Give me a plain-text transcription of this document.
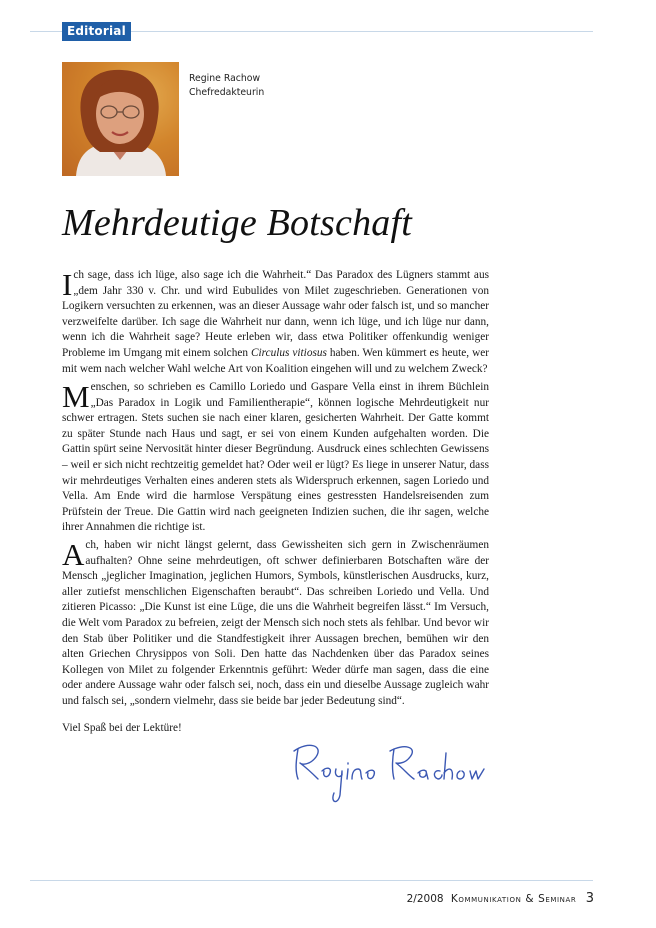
Editorial
Regine Rachow
Chefredakteurin
Mehrdeutige Botschaft

Ich sage, dass ich lüge, also sage ich die Wahrheit.“ Das Paradox des Lügners stammt aus „dem Jahr 330 v. Chr. und wird Eubulides von Milet zugeschrieben. Generationen von Logikern versuchten zu erkennen, was an dieser Aussage wahr oder falsch ist, und so mancher verzweifelte darüber. Ich sage die Wahrheit nur dann, wenn ich lüge, und ich lüge nur dann, wenn ich die Wahrheit sage? Heute erleben wir, dass etwa Politiker offenkundig weniger Probleme im Umgang mit einem solchen Circulus vitiosus haben. Wen kümmert es heute, wer mit wem nach welcher Wahl welche Art von Koalition eingehen will und zu welchem Zweck?

Menschen, so schrieben es Camillo Loriedo und Gaspare Vella einst in ihrem Büchlein „Das Paradox in Logik und Familientherapie“, können logische Mehrdeutigkeit nur schwer ertragen. Stets suchen sie nach einer klaren, gesicherten Wahrheit. Der Gatte kommt zu später Stunde nach Haus und sagt, er sei von einem Kunden aufgehalten worden. Die Gattin spürt seine Nervosität hinter dieser Begründung. Ausdruck eines schlechten Gewissens – weil er sich nicht rechtzeitig gemeldet hat? Oder weil er lügt? Es liege in unserer Natur, dass wir mehrdeutiges Verhalten eines anderen stets als Widerspruch erkennen, sagen Loriedo und Vella. Am Ende wird die harmlose Verspätung eines gestressten Handelsreisenden zum Prüfstein der Treue. Die Gattin wird nach geeigneten Indizien suchen, die ihr sagen, welche ihrer Annahmen die richtige ist.

Ach, haben wir nicht längst gelernt, dass Gewissheiten sich gern in Zwischenräumen aufhalten? Ohne seine mehrdeutigen, oft schwer definierbaren Botschaften wäre der Mensch „jeglicher Imagination, jeglichen Humors, Symbols, künstlerischen Ausdrucks, kurz, aller zutiefst menschlichen Eigenschaften beraubt“. Das schreiben Loriedo und Vella. Und zitieren Picasso: „Die Kunst ist eine Lüge, die uns die Wahrheit begreifen lässt.“ Im Versuch, die Welt vom Paradox zu befreien, zeigt der Mensch sich noch stets als fehlbar. Und bevor wir den Stab über Politiker und die Standfestigkeit ihrer Aussagen brechen, bemühen wir den alten Griechen Chrysippos von Soli. Den hatte das Nachdenken über das Paradox seines Kollegen von Milet zu folgender Erkenntnis geführt: Weder dürfe man sagen, dass die eine oder andere Aussage wahr oder falsch sei, noch, dass ein und dieselbe Aussage zugleich wahr und falsch sei, „sondern vielmehr, dass sie beide bar jeder Bedeutung sind“.

Viel Spaß bei der Lektüre!
2/2008 Kommunikation & Seminar 3
